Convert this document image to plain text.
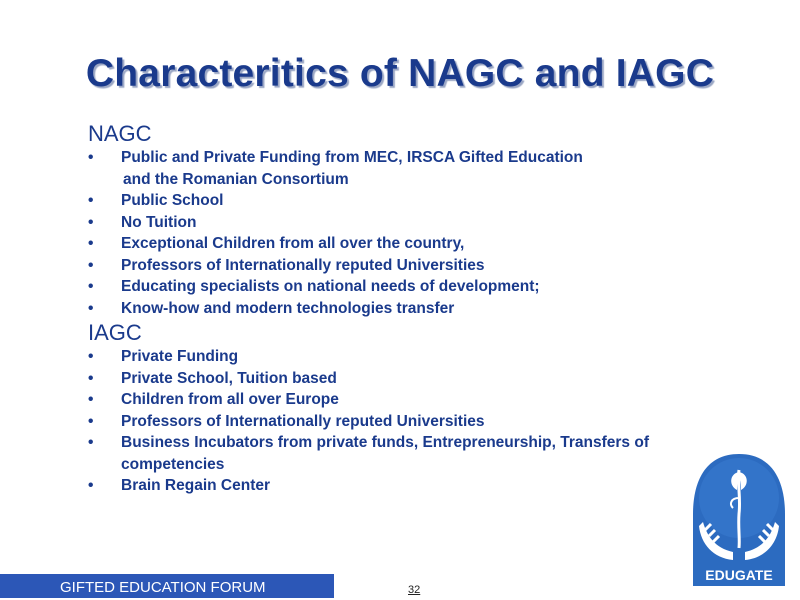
Characteritics of NAGC and IAGC
NAGC
• Public and Private Funding from MEC, IRSCA Gifted Education
and the Romanian Consortium
• Public School
• No Tuition
• Exceptional Children from all over the country,
• Professors of Internationally reputed Universities
• Educating specialists on national needs of development;
• Know-how and modern technologies transfer
IAGC
• Private Funding
• Private School, Tuition based
• Children from all over Europe
• Professors of Internationally reputed Universities
• Business Incubators from private funds, Entrepreneurship, Transfers of
competencies
• Brain Regain Center
GIFTED EDUCATION FORUM	32
EDUGATE
